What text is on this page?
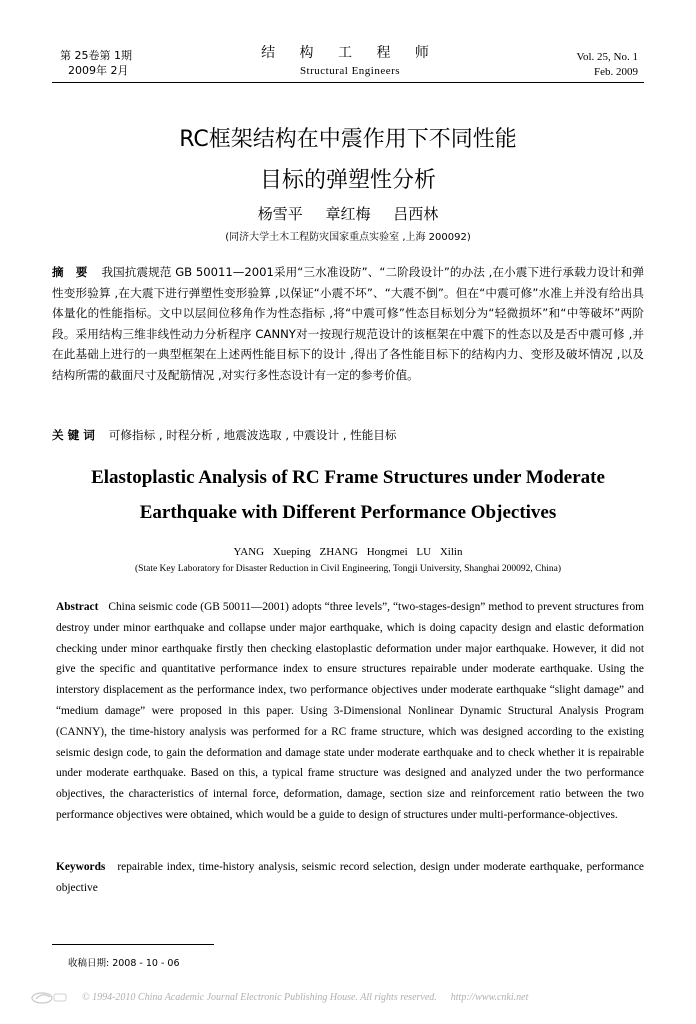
第 25卷第 1期
2009年 2月
结 构 工 程 师
Structural Engineers
Vol. 25, No. 1
Feb. 2009
RC框架结构在中震作用下不同性能
目标的弹塑性分析
杨雪平 章红梅 吕西林
(同济大学土木工程防灾国家重点实验室 ,上海 200092)
摘 要 我国抗震规范 GB 50011—2001采用“三水准设防”、“二阶段设计”的办法 ,在小震下进行承载力设计和弹性变形验算 ,在大震下进行弹塑性变形验算 ,以保证“小震不坏”、“大震不倒”。但在“中震可修”水准上并没有给出具体量化的性能指标。文中以层间位移角作为性态指标 ,将“中震可修”性态目标划分为“轻微损坏”和“中等破坏”两阶段。采用结构三维非线性动力分析程序 CANNY对一按现行规范设计的该框架在中震下的性态以及是否中震可修 ,并在此基础上进行的一典型框架在上述两性能目标下的设计 ,得出了各性能目标下的结构内力、变形及破坏情况 ,以及结构所需的截面尺寸及配筋情况 ,对实行多性态设计有一定的参考价值。
关键词 可修指标 , 时程分析 , 地震波选取 , 中震设计 , 性能目标
Elastoplastic Analysis of RC Frame Structures under Moderate
Earthquake with Different Performance Objectives
YANG Xueping ZHANG Hongmei LU Xilin
(State Key Laboratory for Disaster Reduction in Civil Engineering, Tongji University, Shanghai 200092, China)
Abstract China seismic code (GB 50011—2001) adopts “three levels”, “two-stages-design” method to prevent structures from destroy under minor earthquake and collapse under major earthquake, which is doing capacity design and elastic deformation checking under minor earthquake firstly then checking elastoplastic deformation under major earthquake. However, it did not give the specific and quantitative performance index to ensure structures repairable under moderate earthquake. Using the interstory displacement as the performance index, two performance objectives under moderate earthquake “slight damage” and “medium damage” were proposed in this paper. Using 3-Dimensional Nonlinear Dynamic Structural Analysis Program (CANNY), the time-history analysis was performed for a RC frame structure, which was designed according to the existing seismic design code, to gain the deformation and damage state under moderate earthquake and to check whether it is repairable under moderate earthquake. Based on this, a typical frame structure was designed and analyzed under the two performance objectives, the characteristics of internal force, deformation, damage, section size and reinforcement ratio between the two performance objectives were obtained, which would be a guide to design of structures under multi-performance-objectives.
Keywords repairable index, time-history analysis, seismic record selection, design under moderate earthquake, performance objective
收稿日期: 2008 - 10 - 06
© 1994-2010 China Academic Journal Electronic Publishing House. All rights reserved. http://www.cnki.net
